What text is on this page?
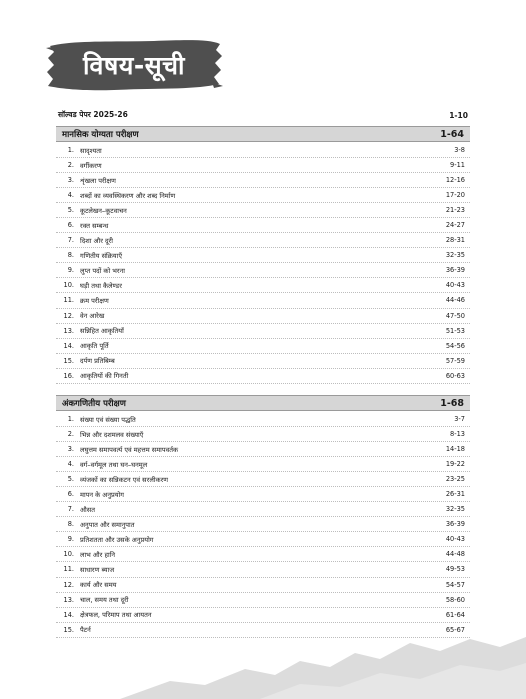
विषय-सूची
सॉल्वड पेपर 2025-26	1-10
मानसिक योग्यता परीक्षण	1-64
1. सादृश्यता	3-8
2. वर्गीकरण	9-11
3. शृंखला परीक्षण	12-16
4. शब्दों का व्यवस्थिकरण और शब्द निर्माण	17-20
5. कूटलेखन–कूटवाचन	21-23
6. रक्त सम्बन्ध	24-27
7. दिशा और दूरी	28-31
8. गणितीय संक्रियाएँ	32-35
9. लुप्त पदों को भरना	36-39
10. घड़ी तथा कैलेण्डर	40-43
11. क्रम परीक्षण	44-46
12. वेन आरेख	47-50
13. सन्निहित आकृतियाँ	51-53
14. आकृति पूर्ति	54-56
15. दर्पण प्रतिबिम्ब	57-59
16. आकृतियों की गिनती	60-63
अंकगणितीय परीक्षण	1-68
1. संख्या एवं संख्या पद्धति	3-7
2. भिन्न और दशमलव संख्याएँ	8-13
3. लघुत्तम समापवर्त्य एवं महत्तम समापवर्तक	14-18
4. वर्ग–वर्गमूल तथा घन–घनमूल	19-22
5. व्यंजकों का सन्निकटन एवं सरलीकरण	23-25
6. मापन के अनुप्रयोग	26-31
7. औसत	32-35
8. अनुपात और समानुपात	36-39
9. प्रतिशतता और उसके अनुप्रयोग	40-43
10. लाभ और हानि	44-48
11. साधारण ब्याज	49-53
12. कार्य और समय	54-57
13. चाल, समय तथा दूरी	58-60
14. क्षेत्रफल, परिमाप तथा आयतन	61-64
15. पैटर्न	65-67
